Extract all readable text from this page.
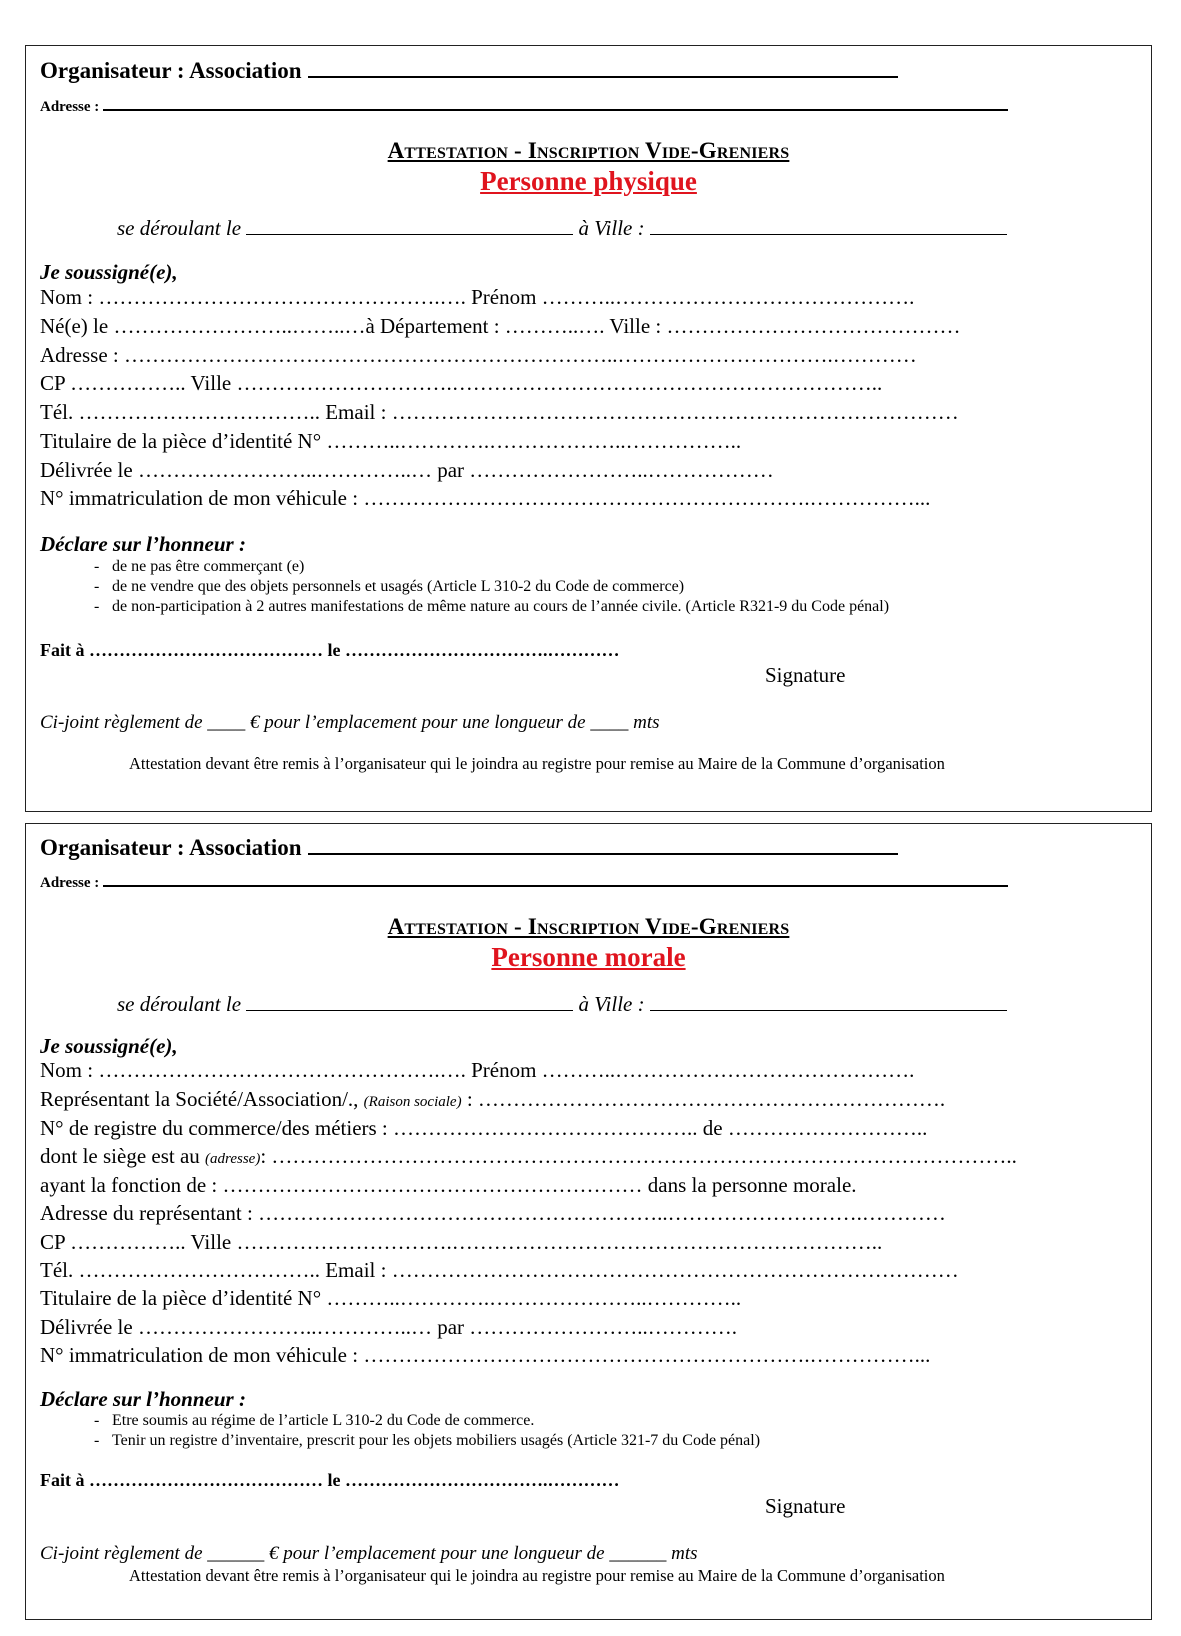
Organisateur : Association
Adresse :
Attestation - Inscription Vide-Greniers
Personne physique
se déroulant le	à Ville :
Je soussigné(e),
Nom : ………………………………………….…. Prénom ………..…………………………………….
Né(e) le ……………………..……..…à Département : ………..…. Ville : ……………………………………
Adresse : ……………………………………………………………..………………………….…………
CP …………….. Ville ………………………….……………………………………………………..
Tél. …………………………….. Email : ………………………………………………………………………
Titulaire de la pièce d’identité N° ………..………….………………..……………..
Délivrée le ……………………..…………..… par ……………………..………………
N° immatriculation de mon véhicule : ……………………………………………………….……………...
Déclare sur l’honneur :
- de ne pas être commerçant (e)
- de ne vendre que des objets personnels et usagés (Article L 310-2 du Code de commerce)
- de non-participation à 2 autres manifestations de même nature au cours de l’année civile. (Article R321-9 du Code pénal)
Fait à ………………………………… le …………………………….…………
Signature
Ci-joint règlement de ____ € pour l’emplacement pour une longueur de ____ mts
Attestation devant être remis à l’organisateur qui le joindra au registre pour remise au Maire de la Commune d’organisation
Organisateur : Association
Adresse :
Attestation - Inscription Vide-Greniers
Personne morale
se déroulant le	à Ville :
Je soussigné(e),
Nom : ………………………………………….…. Prénom ………..…………………………………….
Représentant la Société/Association/., (Raison sociale) : ………………………………………………………….
N° de registre du commerce/des métiers : …………………………………….. de ………………………..
dont le siège est au (adresse): ……………………………………………………………………………………………..
ayant la fonction de : …………………………………………………… dans la personne morale.
Adresse du représentant : …………………………………………………..……………………….…………
CP …………….. Ville ………………………….……………………………………………………..
Tél. …………………………….. Email : ………………………………………………………………………
Titulaire de la pièce d’identité N° ………..………….…………………..…………..
Délivrée le ……………………..…………..… par ……………………..………….
N° immatriculation de mon véhicule : ……………………………………………………….……………...
Déclare sur l’honneur :
- Etre soumis au régime de l’article L 310-2 du Code de commerce.
- Tenir un registre d’inventaire, prescrit pour les objets mobiliers usagés (Article 321-7 du Code pénal)
Fait à ………………………………… le …………………………….…………
Signature
Ci-joint règlement de ______ € pour l’emplacement pour une longueur de ______ mts
Attestation devant être remis à l’organisateur qui le joindra au registre pour remise au Maire de la Commune d’organisation
